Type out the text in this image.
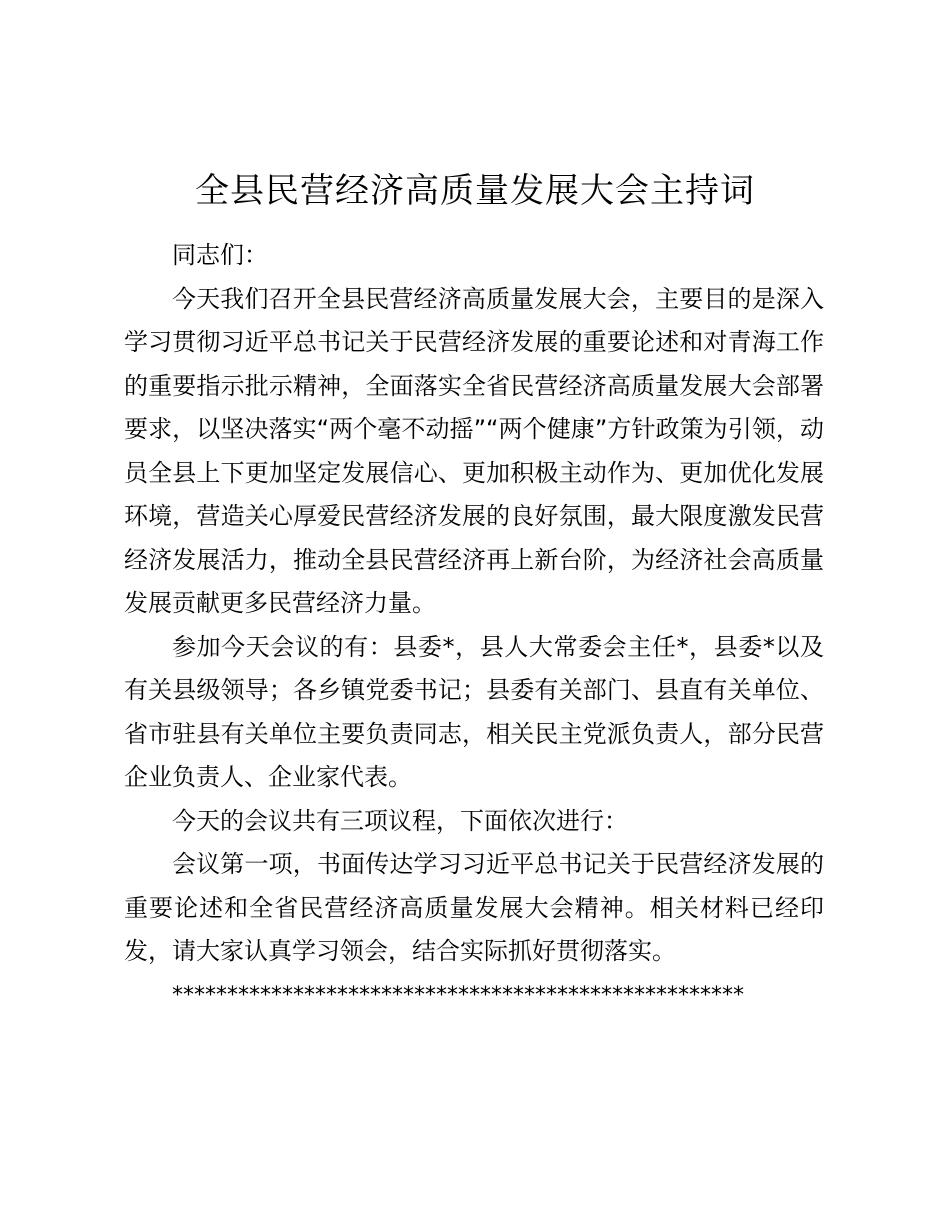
全县民营经济高质量发展大会主持词

同志们：

今天我们召开全县民营经济高质量发展大会，主要目的是深入学习贯彻习近平总书记关于民营经济发展的重要论述和对青海工作的重要指示批示精神，全面落实全省民营经济高质量发展大会部署要求，以坚决落实“两个毫不动摇”“两个健康”方针政策为引领，动员全县上下更加坚定发展信心、更加积极主动作为、更加优化发展环境，营造关心厚爱民营经济发展的良好氛围，最大限度激发民营经济发展活力，推动全县民营经济再上新台阶，为经济社会高质量发展贡献更多民营经济力量。

参加今天会议的有：县委*，县人大常委会主任*，县委*以及有关县级领导；各乡镇党委书记；县委有关部门、县直有关单位、省市驻县有关单位主要负责同志，相关民主党派负责人，部分民营企业负责人、企业家代表。

今天的会议共有三项议程，下面依次进行：

会议第一项，书面传达学习习近平总书记关于民营经济发展的重要论述和全省民营经济高质量发展大会精神。相关材料已经印发，请大家认真学习领会，结合实际抓好贯彻落实。

****************************************************
